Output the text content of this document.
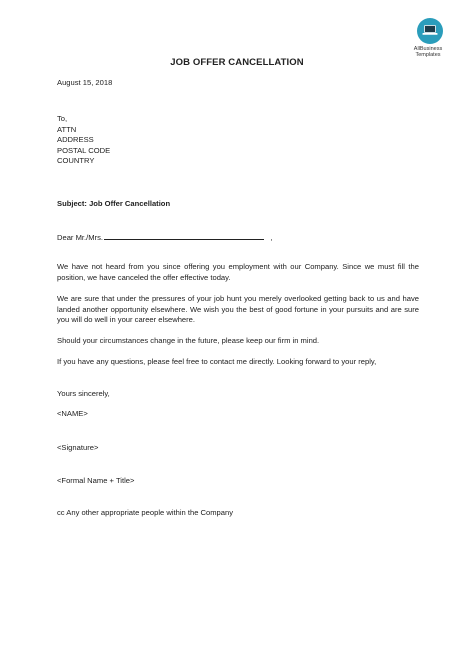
AllBusiness
Templates
JOB OFFER CANCELLATION
August 15, 2018
To,
ATTN
ADDRESS
POSTAL CODE
COUNTRY
Subject: Job Offer Cancellation
Dear Mr./Mrs.	,
We have not heard from you since offering you employment with our Company. Since we must fill the position, we have canceled the offer effective today.
We are sure that under the pressures of your job hunt you merely overlooked getting back to us and have landed another opportunity elsewhere. We wish you the best of good fortune in your pursuits and are sure you will do well in your career elsewhere.
Should your circumstances change in the future, please keep our firm in mind.
If you have any questions, please feel free to contact me directly. Looking forward to your reply,
Yours sincerely,
<NAME>
<Signature>
<Formal Name + Title>
cc Any other appropriate people within the Company
